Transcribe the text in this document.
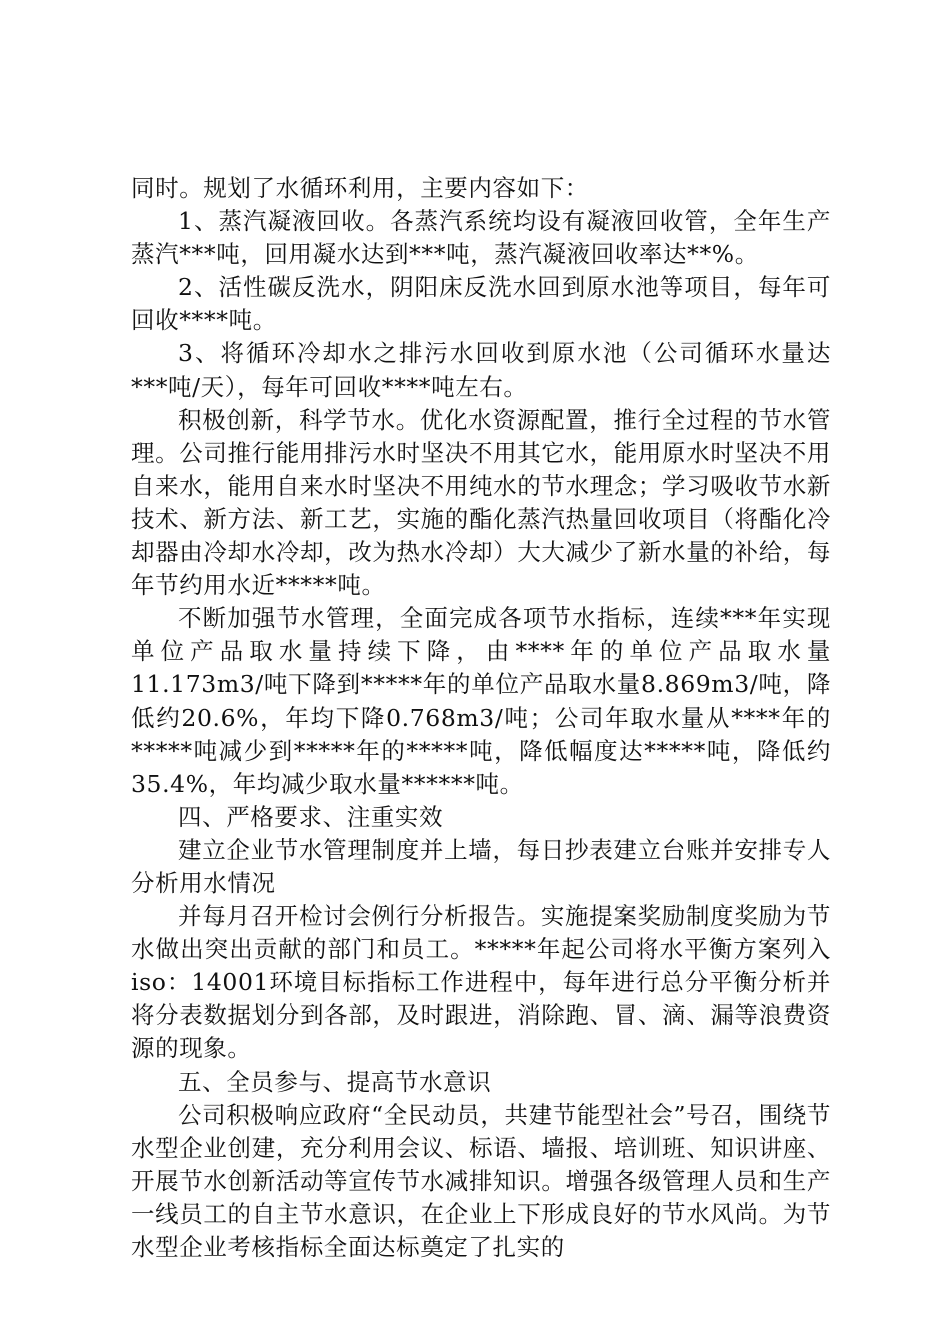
同时。规划了水循环利用，主要内容如下：

1、蒸汽凝液回收。各蒸汽系统均设有凝液回收管，全年生产蒸汽***吨，回用凝水达到***吨，蒸汽凝液回收率达**%。

2、活性碳反洗水，阴阳床反洗水回到原水池等项目，每年可回收****吨。

3、将循环冷却水之排污水回收到原水池（公司循环水量达***吨/天），每年可回收****吨左右。

积极创新，科学节水。优化水资源配置，推行全过程的节水管理。公司推行能用排污水时坚决不用其它水，能用原水时坚决不用自来水，能用自来水时坚决不用纯水的节水理念；学习吸收节水新技术、新方法、新工艺，实施的酯化蒸汽热量回收项目（将酯化冷却器由冷却水冷却，改为热水冷却）大大减少了新水量的补给，每年节约用水近*****吨。

不断加强节水管理，全面完成各项节水指标，连续***年实现单位产品取水量持续下降，由****年的单位产品取水量11.173m3/吨下降到*****年的单位产品取水量8.869m3/吨，降低约20.6%，年均下降0.768m3/吨；公司年取水量从****年的*****吨减少到*****年的*****吨，降低幅度达*****吨，降低约35.4%，年均减少取水量******吨。

四、严格要求、注重实效

建立企业节水管理制度并上墙，每日抄表建立台账并安排专人分析用水情况

并每月召开检讨会例行分析报告。实施提案奖励制度奖励为节水做出突出贡献的部门和员工。*****年起公司将水平衡方案列入iso：14001环境目标指标工作进程中，每年进行总分平衡分析并将分表数据划分到各部，及时跟进，消除跑、冒、滴、漏等浪费资源的现象。

五、全员参与、提高节水意识

公司积极响应政府“全民动员，共建节能型社会”号召，围绕节水型企业创建，充分利用会议、标语、墙报、培训班、知识讲座、开展节水创新活动等宣传节水减排知识。增强各级管理人员和生产一线员工的自主节水意识，在企业上下形成良好的节水风尚。为节水型企业考核指标全面达标奠定了扎实的
